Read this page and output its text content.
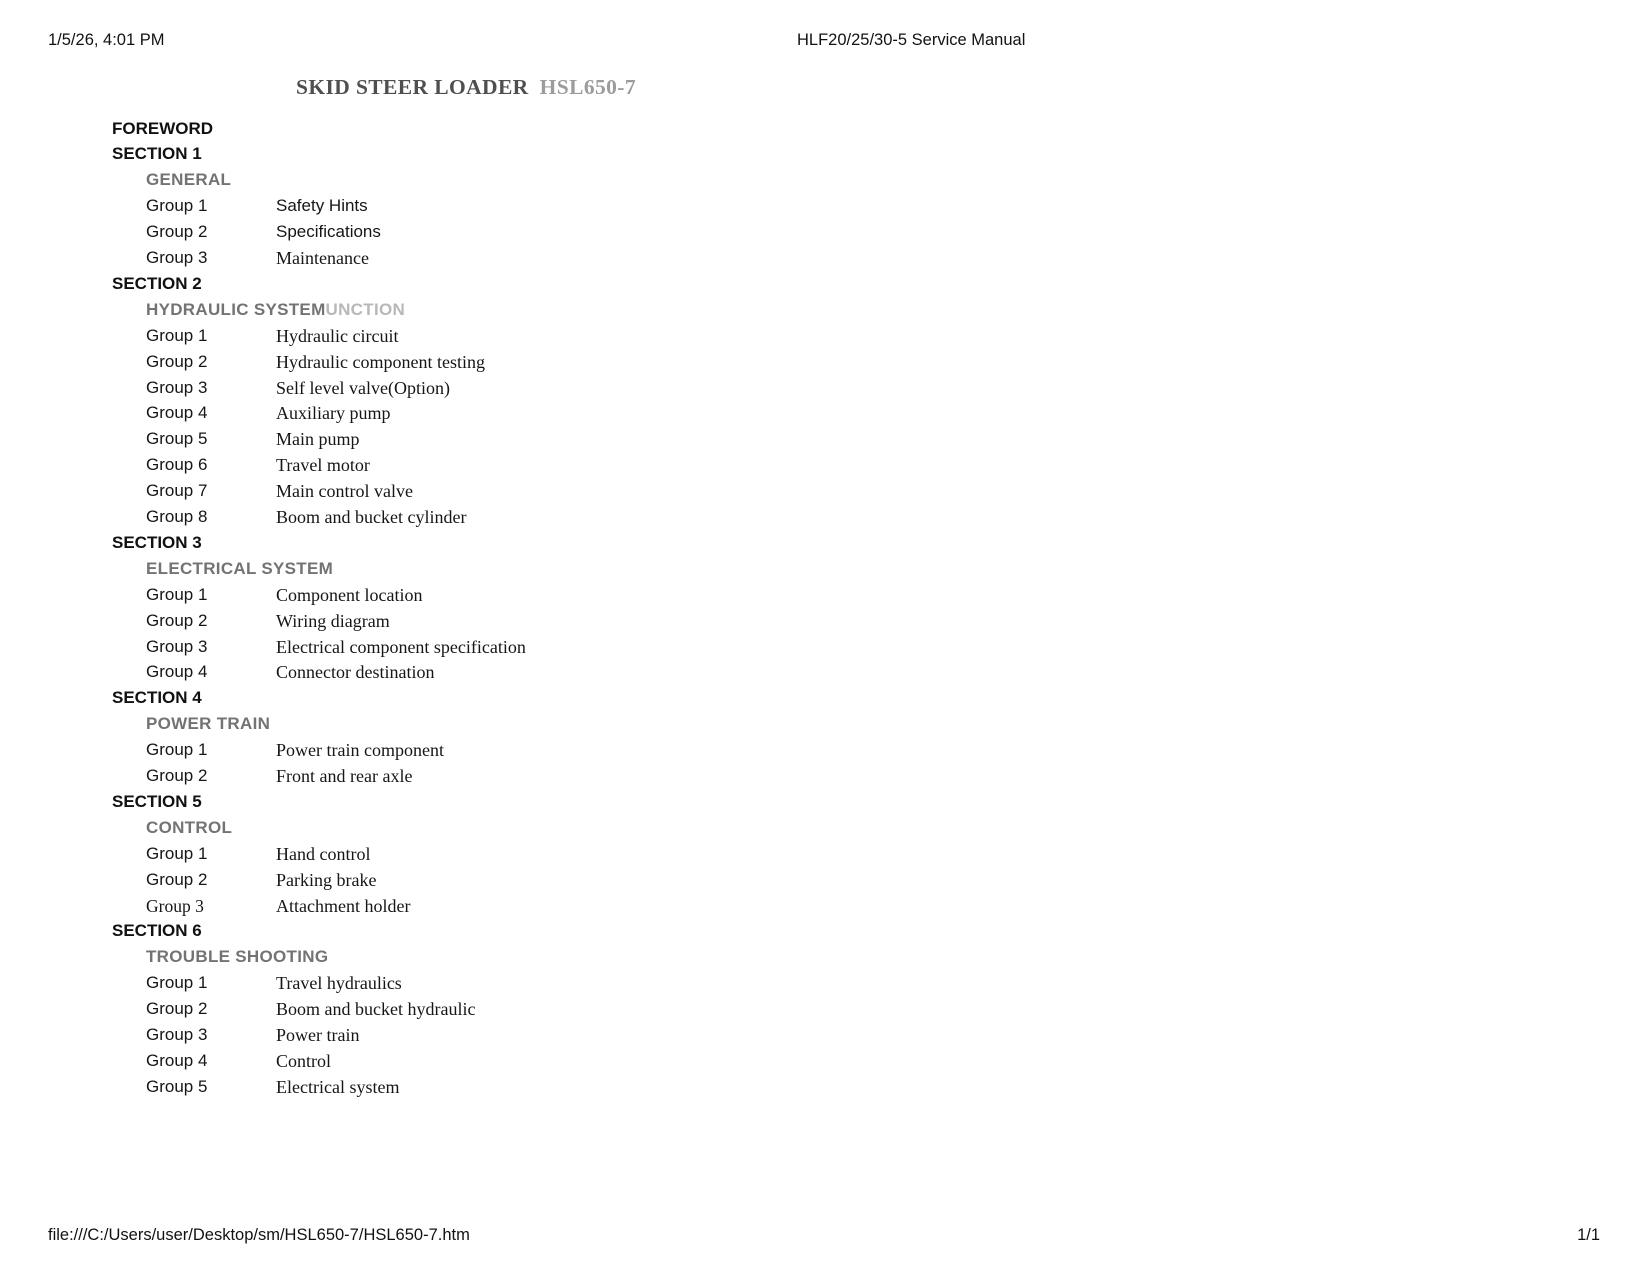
1/5/26, 4:01 PM	HLF20/25/30-5 Service Manual
SKID STEER LOADER HSL650-7
FOREWORD
SECTION 1
GENERAL
Group 1	Safety Hints
Group 2	Specifications
Group 3	Maintenance
SECTION 2
HYDRAULIC SYSTEMUNCTION
Group 1	Hydraulic circuit
Group 2	Hydraulic component testing
Group 3	Self level valve(Option)
Group 4	Auxiliary pump
Group 5	Main pump
Group 6	Travel motor
Group 7	Main control valve
Group 8	Boom and bucket cylinder
SECTION 3
ELECTRICAL SYSTEM
Group 1	Component location
Group 2	Wiring diagram
Group 3	Electrical component specification
Group 4	Connector destination
SECTION 4
POWER TRAIN
Group 1	Power train component
Group 2	Front and rear axle
SECTION 5
CONTROL
Group 1	Hand control
Group 2	Parking brake
Group 3	Attachment holder
SECTION 6
TROUBLE SHOOTING
Group 1	Travel hydraulics
Group 2	Boom and bucket hydraulic
Group 3	Power train
Group 4	Control
Group 5	Electrical system
file:///C:/Users/user/Desktop/sm/HSL650-7/HSL650-7.htm	1/1
